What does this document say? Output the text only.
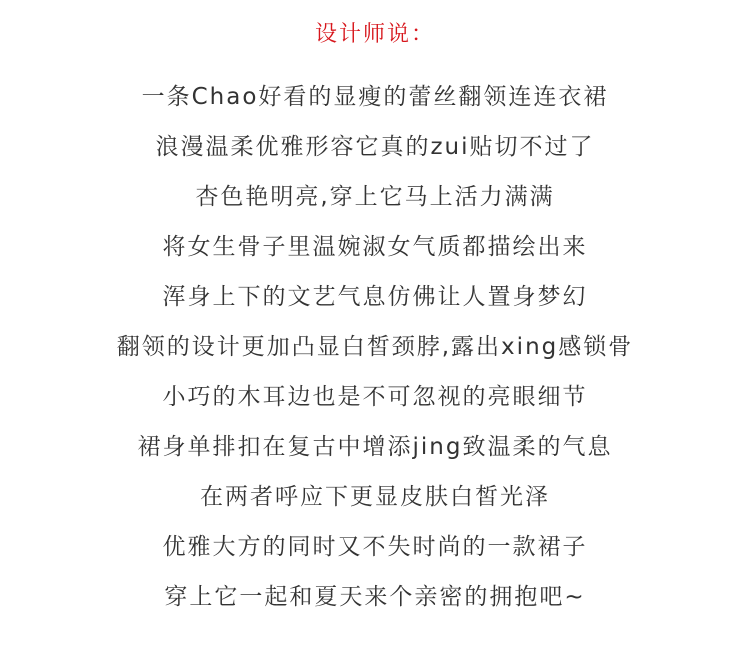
设计师说：
一条Chao好看的显瘦的蕾丝翻领连连衣裙
浪漫温柔优雅形容它真的zui贴切不过了
杏色艳明亮,穿上它马上活力满满
将女生骨子里温婉淑女气质都描绘出来
浑身上下的文艺气息仿佛让人置身梦幻
翻领的设计更加凸显白皙颈脖,露出xing感锁骨
小巧的木耳边也是不可忽视的亮眼细节
裙身单排扣在复古中增添jing致温柔的气息
在两者呼应下更显皮肤白皙光泽
优雅大方的同时又不失时尚的一款裙子
穿上它一起和夏天来个亲密的拥抱吧~
